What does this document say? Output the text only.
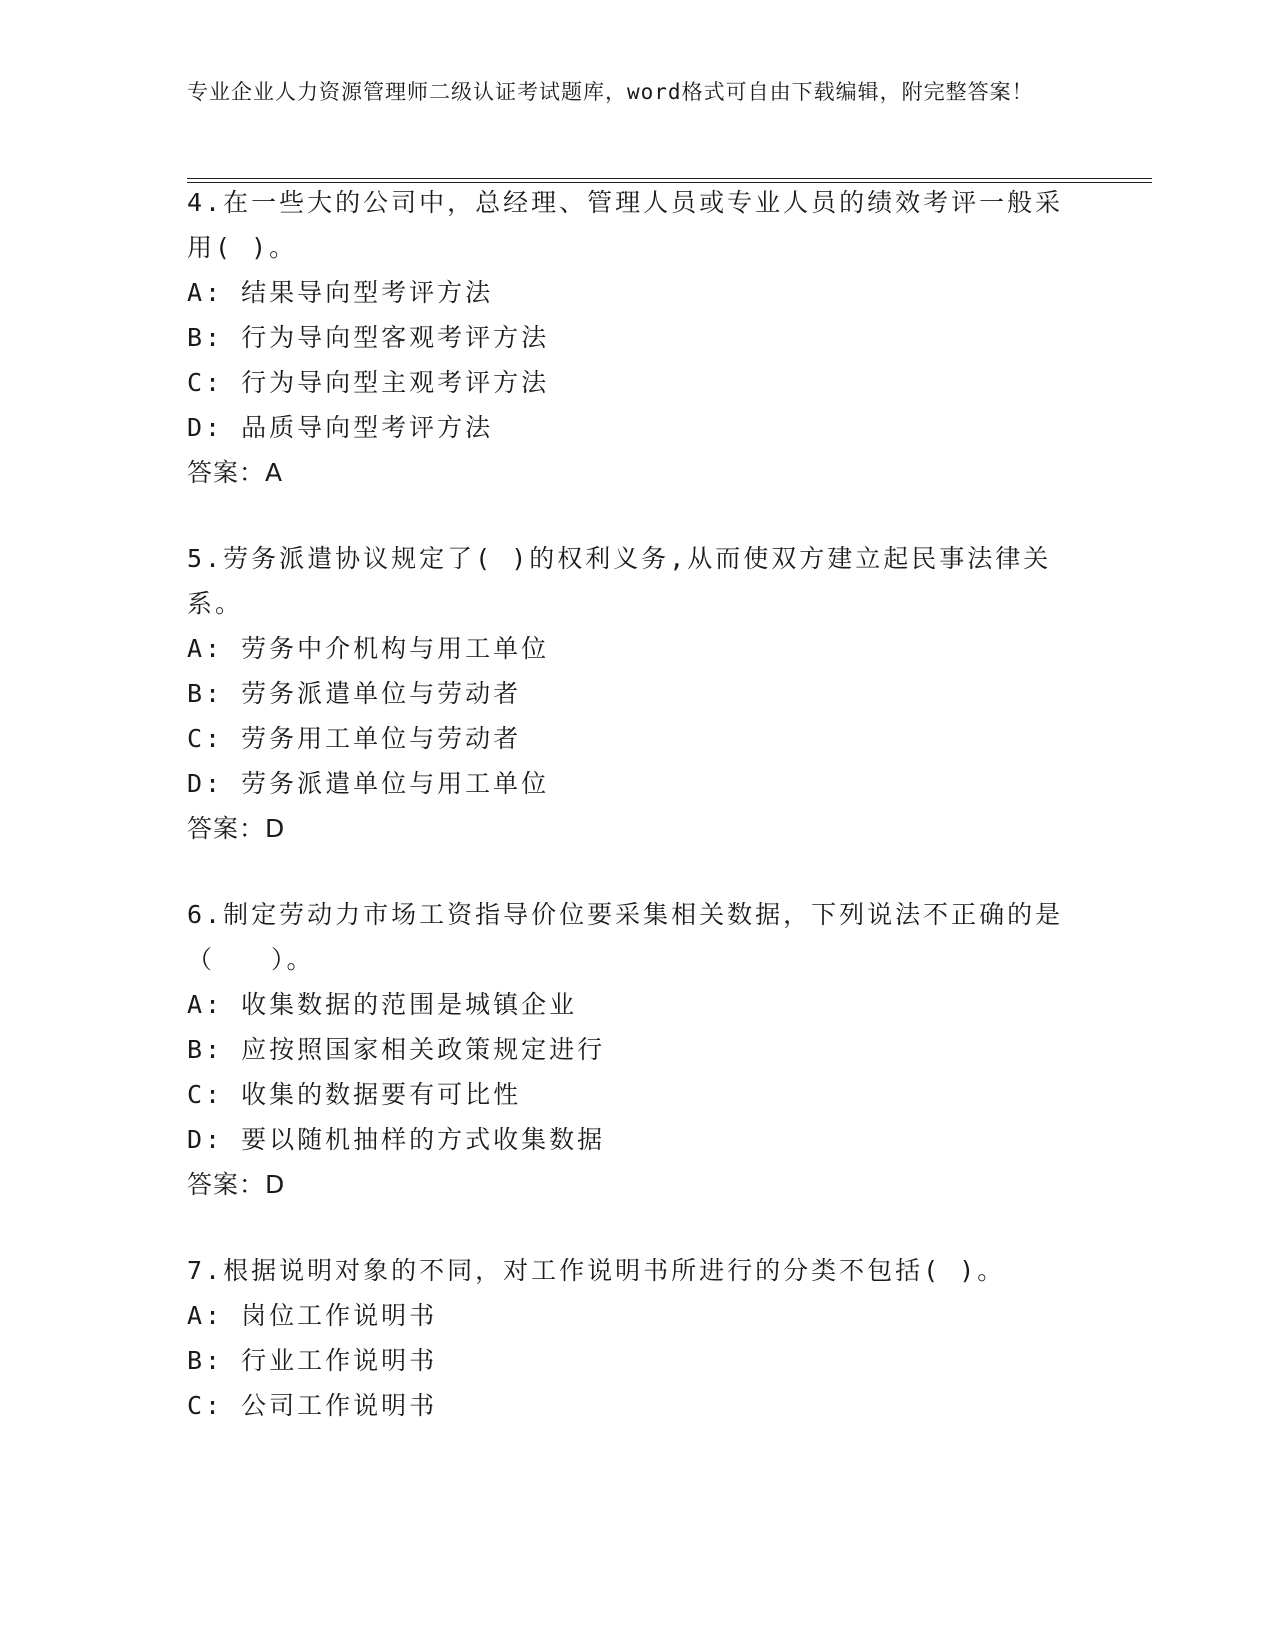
专业企业人力资源管理师二级认证考试题库，word格式可自由下载编辑，附完整答案！
4.在一些大的公司中，总经理、管理人员或专业人员的绩效考评一般采用( )。
A: 结果导向型考评方法
B: 行为导向型客观考评方法
C: 行为导向型主观考评方法
D: 品质导向型考评方法
答案：A
5.劳务派遣协议规定了( )的权利义务,从而使双方建立起民事法律关系。
A: 劳务中介机构与用工单位
B: 劳务派遣单位与劳动者
C: 劳务用工单位与劳动者
D: 劳务派遣单位与用工单位
答案：D
6.制定劳动力市场工资指导价位要采集相关数据，下列说法不正确的是（　　）。
A: 收集数据的范围是城镇企业
B: 应按照国家相关政策规定进行
C: 收集的数据要有可比性
D: 要以随机抽样的方式收集数据
答案：D
7.根据说明对象的不同，对工作说明书所进行的分类不包括( )。
A: 岗位工作说明书
B: 行业工作说明书
C: 公司工作说明书
